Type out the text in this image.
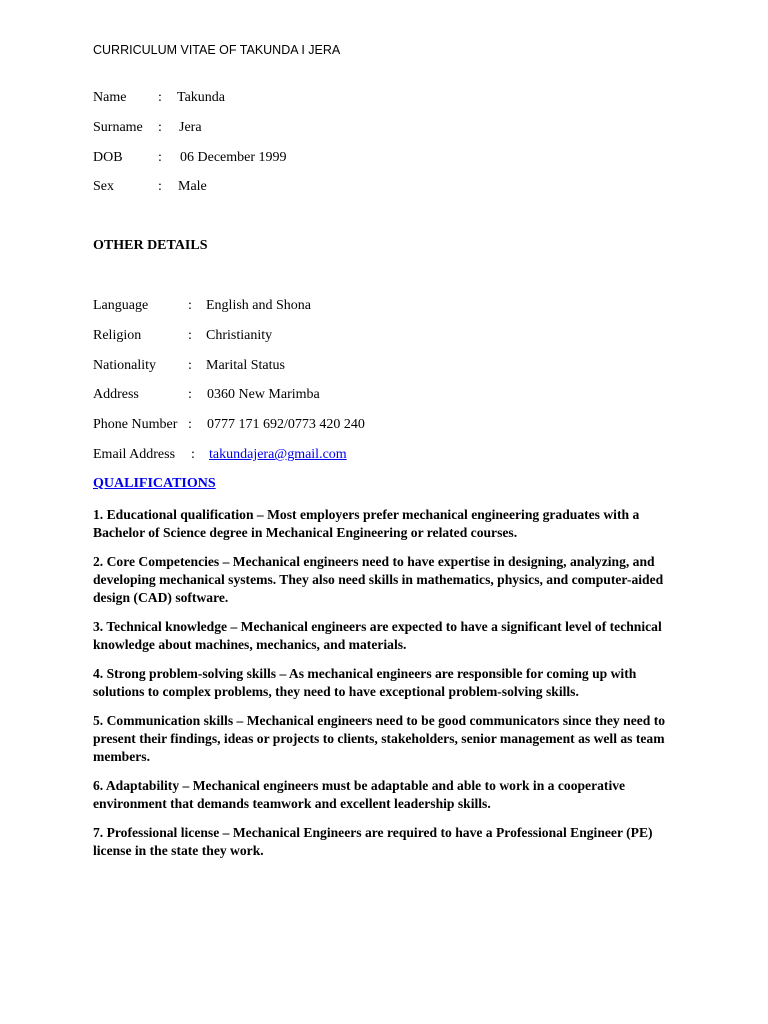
CURRICULUM VITAE OF TAKUNDA I JERA
Name : Takunda
Surname : Jera
DOB	: 06 December 1999
Sex	: Male
OTHER DETAILS
Language	: English and Shona
Religion	: Christianity
Nationality : Marital Status
Address	: 0360 New Marimba
Phone Number : 0777 171 692/0773 420 240
Email Address : takundajera@gmail.com
QUALIFICATIONS

1. Educational qualification – Most employers prefer mechanical engineering graduates with a Bachelor of Science degree in Mechanical Engineering or related courses.

2. Core Competencies – Mechanical engineers need to have expertise in designing, analyzing, and developing mechanical systems. They also need skills in mathematics, physics, and computer-aided design (CAD) software.

3. Technical knowledge – Mechanical engineers are expected to have a significant level of technical knowledge about machines, mechanics, and materials.

4. Strong problem-solving skills – As mechanical engineers are responsible for coming up with solutions to complex problems, they need to have exceptional problem-solving skills.

5. Communication skills – Mechanical engineers need to be good communicators since they need to present their findings, ideas or projects to clients, stakeholders, senior management as well as team members.

6. Adaptability – Mechanical engineers must be adaptable and able to work in a cooperative environment that demands teamwork and excellent leadership skills.

7. Professional license – Mechanical Engineers are required to have a Professional Engineer (PE) license in the state they work.
